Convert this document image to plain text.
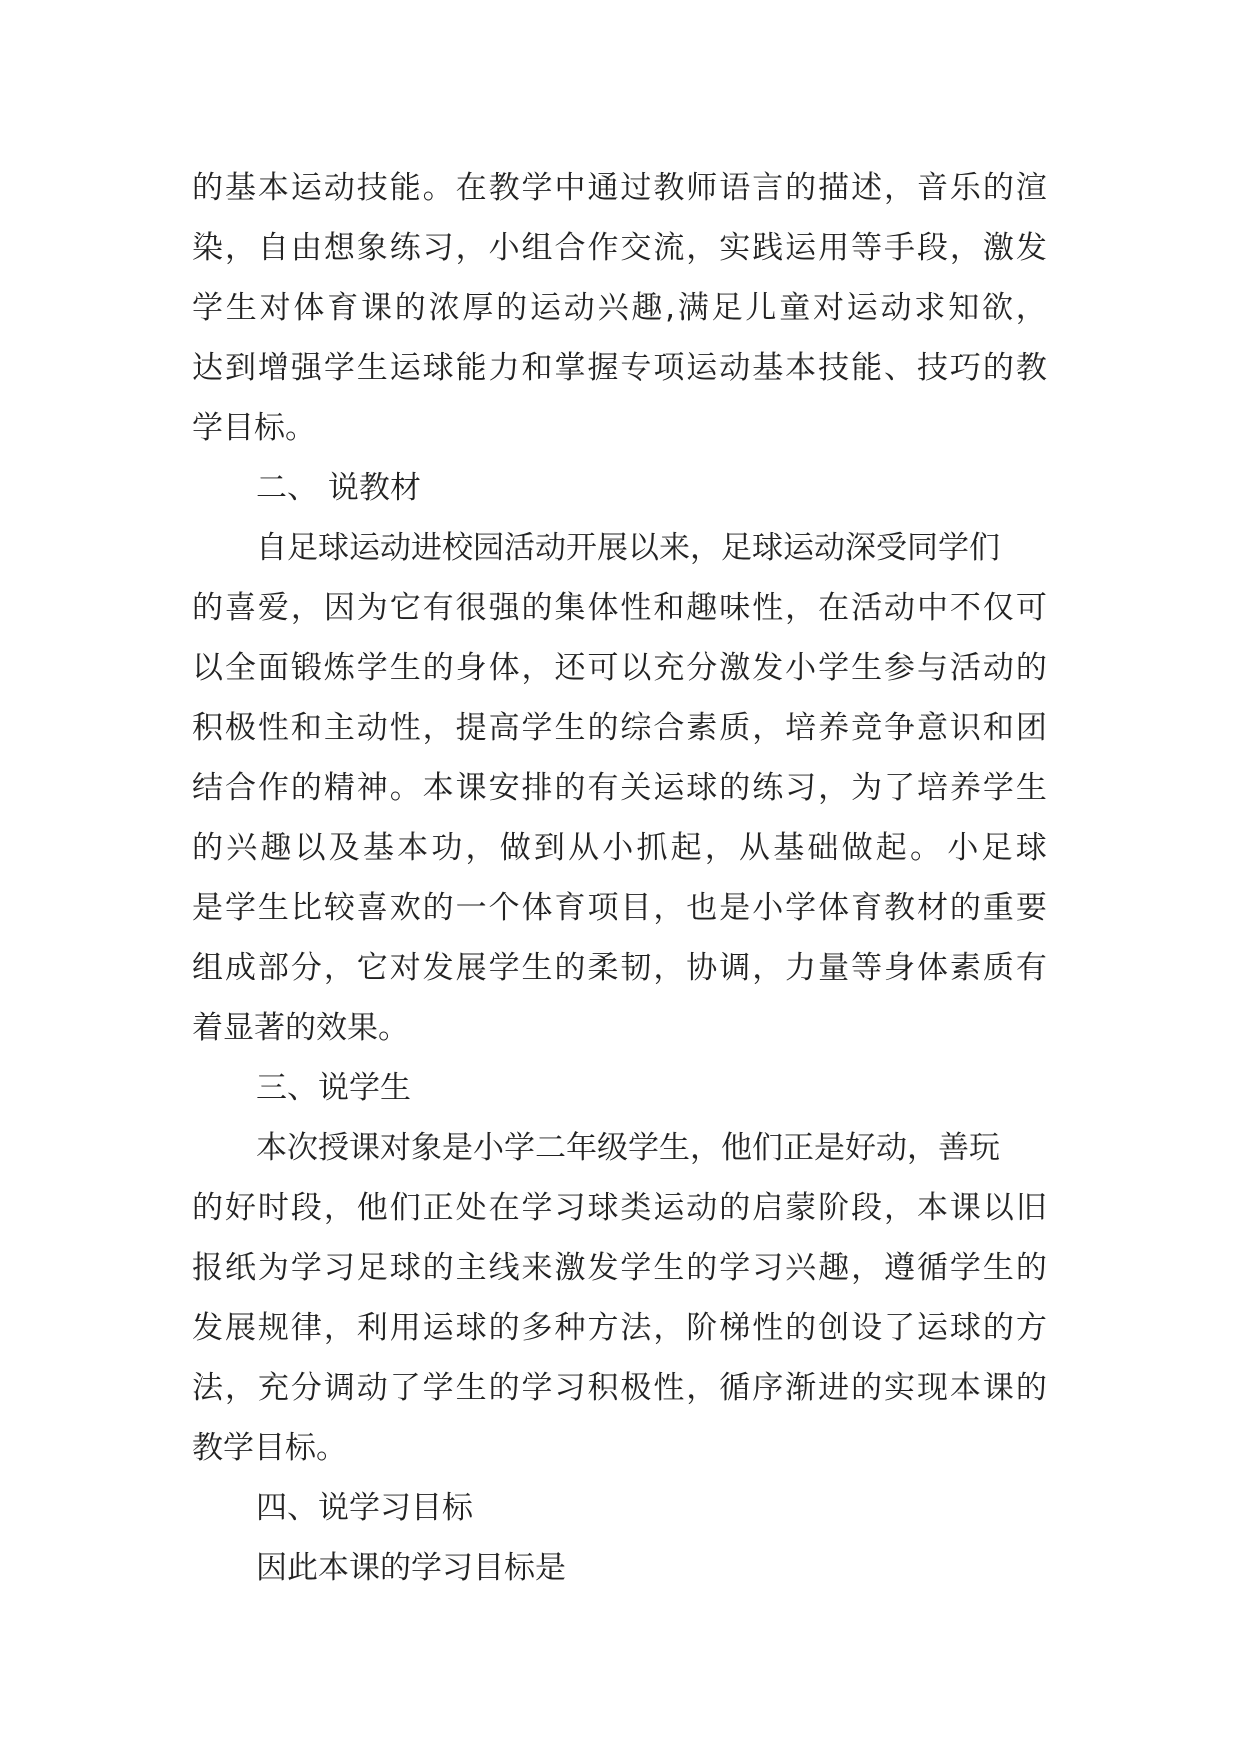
的 基 本 运 动 技 能 。 在 教 学 中 通 过 教 师 语 言 的 描 述 ， 音 乐 的 渲
染 ， 自 由 想 象 练 习 ， 小 组 合 作 交 流 ， 实 践 运 用 等 手 段 ， 激 发
学 生 对 体 育 课 的 浓 厚 的 运 动 兴 趣 , 满 足 儿 童 对 运 动 求 知 欲 ，
达 到 增 强 学 生 运 球 能 力 和 掌 握 专 项 运 动 基 本 技 能 、 技 巧 的 教
学目标。
二、 说教材
自足球运动进校园活动开展以来，足球运动深受同学们
的 喜 爱 ， 因 为 它 有 很 强 的 集 体 性 和 趣 味 性 ， 在 活 动 中 不 仅 可
以 全 面 锻 炼 学 生 的 身 体 ， 还 可 以 充 分 激 发 小 学 生 参 与 活 动 的
积 极 性 和 主 动 性 ， 提 高 学 生 的 综 合 素 质 ， 培 养 竞 争 意 识 和 团
结 合 作 的 精 神 。 本 课 安 排 的 有 关 运 球 的 练 习 ， 为 了 培 养 学 生
的 兴 趣 以 及 基 本 功 ， 做 到 从 小 抓 起 ， 从 基 础 做 起 。 小 足 球
是 学 生 比 较 喜 欢 的 一 个 体 育 项 目 ， 也 是 小 学 体 育 教 材 的 重 要
组 成 部 分 ， 它 对 发 展 学 生 的 柔 韧 ， 协 调 ， 力 量 等 身 体 素 质 有
着显著的效果。
三、说学生
本次授课对象是小学二年级学生，他们正是好动，善玩
的 好 时 段 ， 他 们 正 处 在 学 习 球 类 运 动 的 启 蒙 阶 段 ， 本 课 以 旧
报 纸 为 学 习 足 球 的 主 线 来 激 发 学 生 的 学 习 兴 趣 ， 遵 循 学 生 的
发 展 规 律 ， 利 用 运 球 的 多 种 方 法 ， 阶 梯 性 的 创 设 了 运 球 的 方
法 ， 充 分 调 动 了 学 生 的 学 习 积 极 性 ， 循 序 渐 进 的 实 现 本 课 的
教学目标。
四、说学习目标
因此本课的学习目标是
